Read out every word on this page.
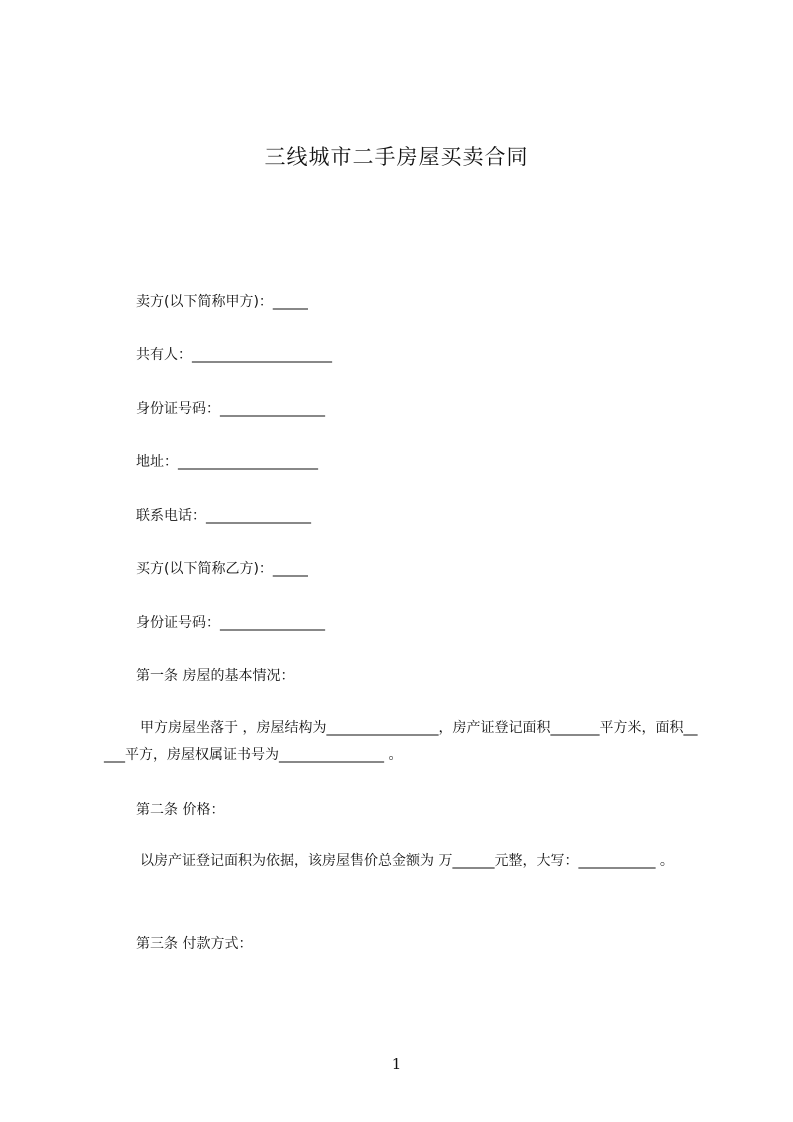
三线城市二手房屋买卖合同
卖方(以下简称甲方)：_____
共有人：____________________
身份证号码：_______________
地址：____________________
联系电话：_______________
买方(以下简称乙方)：_____
身份证号码：_______________
第一条 房屋的基本情况：
甲方房屋坐落于 ，房屋结构为________________，房产证登记面积_______平方米，面积_____平方，房屋权属证书号为_______________ 。
第二条 价格：
以房产证登记面积为依据，该房屋售价总金额为 万______元整，大写：___________ 。
第三条 付款方式：
1
